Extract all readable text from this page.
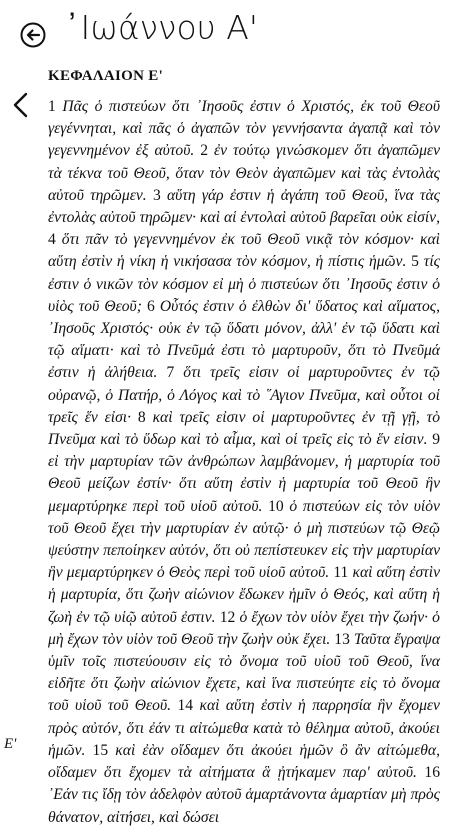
᾿Ιωάννου Α'
ΚΕΦΑΛΑΙΟΝ Ε'
1 Πᾶς ὁ πιστεύων ὅτι ᾿Ιησοῦς ἐστιν ὁ Χριστός, ἐκ τοῦ Θεοῦ γεγέννηται, καὶ πᾶς ὁ ἀγαπῶν τὸν γεννήσαντα ἀγαπᾷ καὶ τὸν γεγεννημένον ἐξ αὐτοῦ. 2 ἐν τούτῳ γινώσκομεν ὅτι ἀγαπῶμεν τὰ τέκνα τοῦ Θεοῦ, ὅταν τὸν Θεὸν ἀγαπῶμεν καὶ τὰς ἐντολὰς αὐτοῦ τηρῶμεν. 3 αὕτη γάρ ἐστιν ἡ ἀγάπη τοῦ Θεοῦ, ἵνα τὰς ἐντολὰς αὐτοῦ τηρῶμεν· καὶ αἱ ἐντολαὶ αὐτοῦ βαρεῖαι οὐκ εἰσίν, 4 ὅτι πᾶν τὸ γεγεννημένον ἐκ τοῦ Θεοῦ νικᾷ τὸν κόσμον· καὶ αὕτη ἐστὶν ἡ νίκη ἡ νικήσασα τὸν κόσμον, ἡ πίστις ἡμῶν. 5 τίς ἐστιν ὁ νικῶν τὸν κόσμον εἰ μὴ ὁ πιστεύων ὅτι ᾿Ιησοῦς ἐστιν ὁ υἱὸς τοῦ Θεοῦ; 6 Οὗτός ἐστιν ὁ ἐλθὼν δι' ὕδατος καὶ αἵματος, ᾿Ιησοῦς Χριστός· οὐκ ἐν τῷ ὕδατι μόνον, ἀλλ' ἐν τῷ ὕδατι καὶ τῷ αἵματι· καὶ τὸ Πνεῦμά ἐστι τὸ μαρτυροῦν, ὅτι τὸ Πνεῦμά ἐστιν ἡ ἀλήθεια. 7 ὅτι τρεῖς εἰσιν οἱ μαρτυροῦντες ἐν τῷ οὐρανῷ, ὁ Πατήρ, ὁ Λόγος καὶ τὸ ῞Αγιον Πνεῦμα, καὶ οὗτοι οἱ τρεῖς ἕν εἰσι· 8 καὶ τρεῖς εἰσιν οἱ μαρτυροῦντες ἐν τῇ γῇ, τὸ Πνεῦμα καὶ τὸ ὕδωρ καὶ τὸ αἷμα, καὶ οἱ τρεῖς εἰς τὸ ἕν εἰσιν. 9 εἰ τὴν μαρτυρίαν τῶν ἀνθρώπων λαμβάνομεν, ἡ μαρτυρία τοῦ Θεοῦ μείζων ἐστίν· ὅτι αὕτη ἐστὶν ἡ μαρτυρία τοῦ Θεοῦ ἣν μεμαρτύρηκε περὶ τοῦ υἱοῦ αὐτοῦ. 10 ὁ πιστεύων εἰς τὸν υἱὸν τοῦ Θεοῦ ἔχει τὴν μαρτυρίαν ἐν αὑτῷ· ὁ μὴ πιστεύων τῷ Θεῷ ψεύστην πεποίηκεν αὐτόν, ὅτι οὐ πεπίστευκεν εἰς τὴν μαρτυρίαν ἣν μεμαρτύρηκεν ὁ Θεὸς περὶ τοῦ υἱοῦ αὐτοῦ. 11 καὶ αὕτη ἐστὶν ἡ μαρτυρία, ὅτι ζωὴν αἰώνιον ἔδωκεν ἡμῖν ὁ Θεός, καὶ αὕτη ἡ ζωὴ ἐν τῷ υἱῷ αὐτοῦ ἐστιν. 12 ὁ ἔχων τὸν υἱὸν ἔχει τὴν ζωήν· ὁ μὴ ἔχων τὸν υἱὸν τοῦ Θεοῦ τὴν ζωὴν οὐκ ἔχει. 13 Ταῦτα ἔγραψα ὑμῖν τοῖς πιστεύουσιν εἰς τὸ ὄνομα τοῦ υἱοῦ τοῦ Θεοῦ, ἵνα εἰδῆτε ὅτι ζωὴν αἰώνιον ἔχετε, καὶ ἵνα πιστεύητε εἰς τὸ ὄνομα τοῦ υἱοῦ τοῦ Θεοῦ. 14 καὶ αὕτη ἐστὶν ἡ παρρησία ἣν ἔχομεν πρὸς αὐτόν, ὅτι ἐάν τι αἰτώμεθα κατὰ τὸ θέλημα αὐτοῦ, ἀκούει ἡμῶν. 15 καὶ ἐὰν οἴδαμεν ὅτι ἀκούει ἡμῶν ὃ ἂν αἰτώμεθα, οἴδαμεν ὅτι ἔχομεν τὰ αἰτήματα ἃ ᾐτήκαμεν παρ' αὐτοῦ. 16 ᾿Εάν τις ἴδῃ τὸν ἀδελφὸν αὐτοῦ ἁμαρτάνοντα ἁμαρτίαν μὴ πρὸς θάνατον, αἰτήσει, καὶ δώσει
Ε'
